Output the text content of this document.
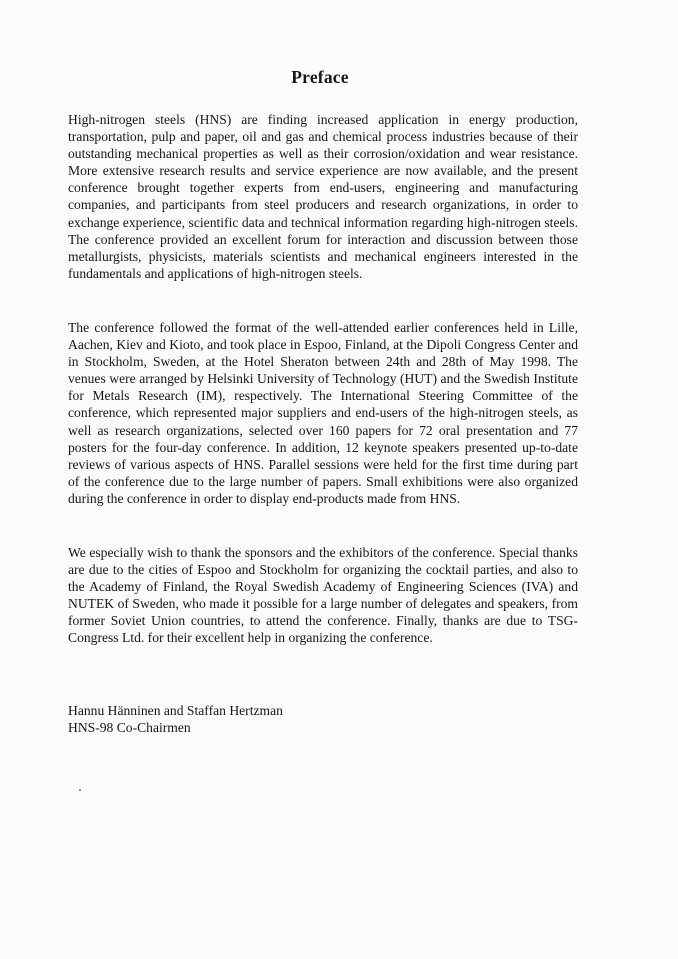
Preface

High-nitrogen steels (HNS) are finding increased application in energy production, transportation, pulp and paper, oil and gas and chemical process industries because of their outstanding mechanical properties as well as their corrosion/oxidation and wear resistance. More extensive research results and service experience are now available, and the present conference brought together experts from end-users, engineering and manufacturing companies, and participants from steel producers and research organizations, in order to exchange experience, scientific data and technical information regarding high-nitrogen steels. The conference provided an excellent forum for interaction and discussion between those metallurgists, physicists, materials scientists and mechanical engineers interested in the fundamentals and applications of high-nitrogen steels.

The conference followed the format of the well-attended earlier conferences held in Lille, Aachen, Kiev and Kioto, and took place in Espoo, Finland, at the Dipoli Congress Center and in Stockholm, Sweden, at the Hotel Sheraton between 24th and 28th of May 1998. The venues were arranged by Helsinki University of Technology (HUT) and the Swedish Institute for Metals Research (IM), respectively. The International Steering Committee of the conference, which represented major suppliers and end-users of the high-nitrogen steels, as well as research organizations, selected over 160 papers for 72 oral presentation and 77 posters for the four-day conference. In addition, 12 keynote speakers presented up-to-date reviews of various aspects of HNS. Parallel sessions were held for the first time during part of the conference due to the large number of papers. Small exhibitions were also organized during the conference in order to display end-products made from HNS.

We especially wish to thank the sponsors and the exhibitors of the conference. Special thanks are due to the cities of Espoo and Stockholm for organizing the cocktail parties, and also to the Academy of Finland, the Royal Swedish Academy of Engineering Sciences (IVA) and NUTEK of Sweden, who made it possible for a large number of delegates and speakers, from former Soviet Union countries, to attend the conference. Finally, thanks are due to TSG-Congress Ltd. for their excellent help in organizing the conference.

Hannu Hänninen and Staffan Hertzman
HNS-98 Co-Chairmen
